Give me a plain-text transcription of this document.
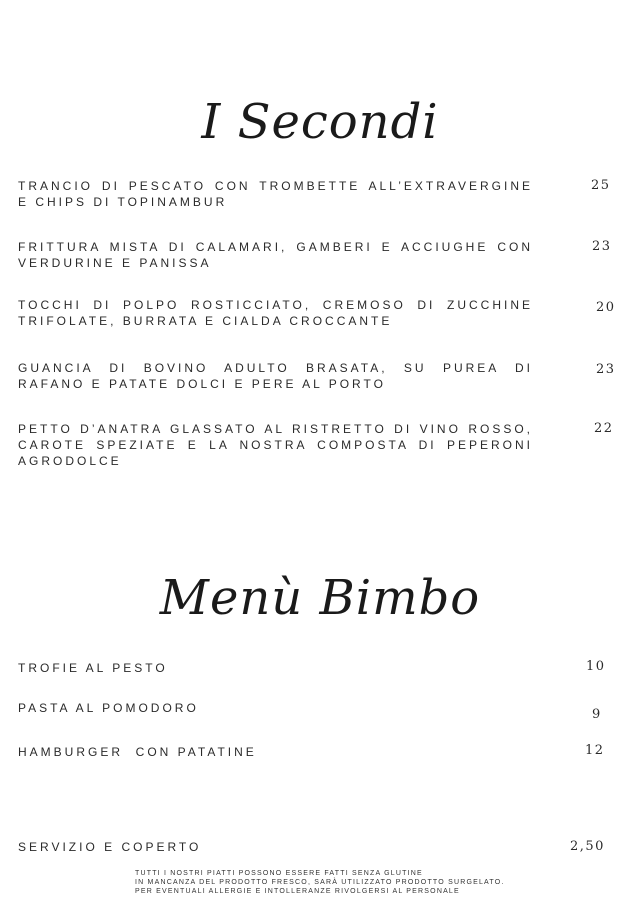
I Secondi
TRANCIO DI PESCATO CON TROMBETTE ALL’EXTRAVERGINE E CHIPS DI TOPINAMBUR
25
FRITTURA MISTA DI CALAMARI, GAMBERI E ACCIUGHE CON VERDURINE E PANISSA
23
TOCCHI DI POLPO ROSTICCIATO, CREMOSO DI ZUCCHINE TRIFOLATE, BURRATA E CIALDA CROCCANTE
20
GUANCIA DI BOVINO ADULTO BRASATA, SU PUREA DI RAFANO E PATATE DOLCI E PERE AL PORTO
23
PETTO D’ANATRA GLASSATO AL RISTRETTO DI VINO ROSSO, CAROTE SPEZIATE E LA NOSTRA COMPOSTA DI PEPERONI AGRODOLCE
22
Menù Bimbo
TROFIE AL PESTO	10
PASTA AL POMODORO	9
HAMBURGER  CON PATATINE	12
SERVIZIO E COPERTO	2,50
TUTTI I NOSTRI PIATTI POSSONO ESSERE FATTI SENZA GLUTINE
IN MANCANZA DEL PRODOTTO FRESCO, SARÀ UTILIZZATO PRODOTTO SURGELATO.
PER EVENTUALI ALLERGIE E INTOLLERANZE RIVOLGERSI AL PERSONALE
